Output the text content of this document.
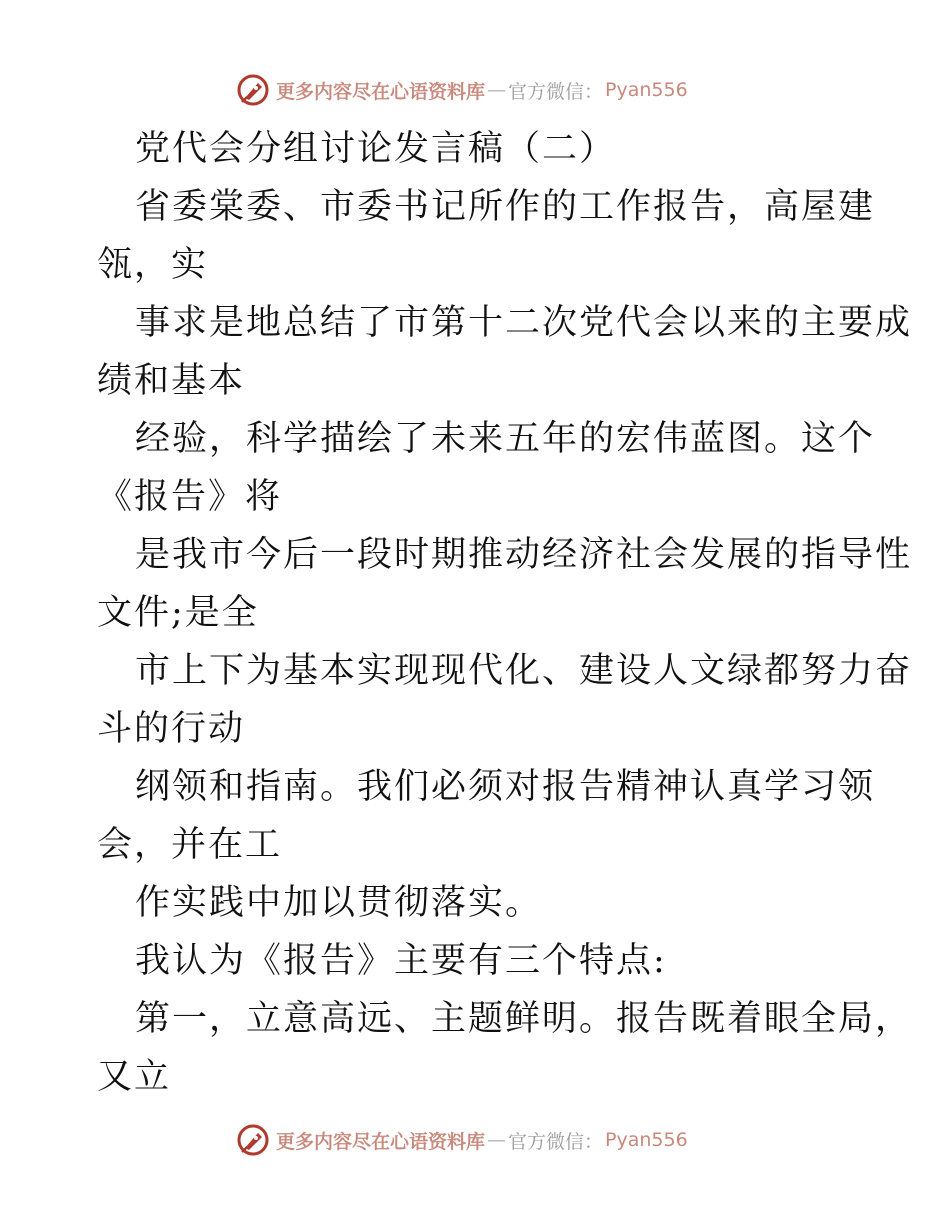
更多内容尽在心语资料库 — 官方微信： Pyan556
党代会分组讨论发言稿（二）
省委棠委、市委书记所作的工作报告，高屋建
瓴，实
事求是地总结了市第十二次党代会以来的主要成
绩和基本
经验，科学描绘了未来五年的宏伟蓝图。这个
《报告》将
是我市今后一段时期推动经济社会发展的指导性
文件;是全
市上下为基本实现现代化、建设人文绿都努力奋
斗的行动
纲领和指南。我们必须对报告精神认真学习领
会，并在工
作实践中加以贯彻落实。
我认为《报告》主要有三个特点:
第一，立意高远、主题鲜明。报告既着眼全局，
又立
更多内容尽在心语资料库 — 官方微信： Pyan556
